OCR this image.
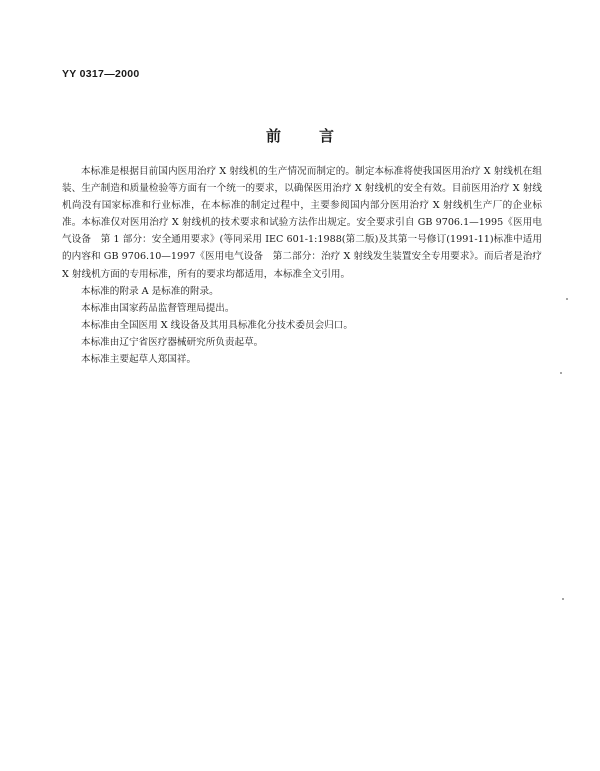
YY 0317—2000
前言

本标准是根据目前国内医用治疗 X 射线机的生产情况而制定的。制定本标准将使我国医用治疗 X 射线机在组装、生产制造和质量检验等方面有一个统一的要求，以确保医用治疗 X 射线机的安全有效。目前医用治疗 X 射线机尚没有国家标准和行业标准，在本标准的制定过程中，主要参阅国内部分医用治疗 X 射线机生产厂的企业标准。本标准仅对医用治疗 X 射线机的技术要求和试验方法作出规定。安全要求引自 GB 9706.1—1995《医用电气设备　第 1 部分：安全通用要求》(等同采用 IEC 601-1:1988(第二版)及其第一号修订(1991-11)标准中适用的内容和 GB 9706.10—1997《医用电气设备　第二部分：治疗 X 射线发生装置安全专用要求》。而后者是治疗 X 射线机方面的专用标准，所有的要求均都适用，本标准全文引用。

本标准的附录 A 是标准的附录。

本标准由国家药品监督管理局提出。

本标准由全国医用 X 线设备及其用具标准化分技术委员会归口。

本标准由辽宁省医疗器械研究所负责起草。

本标准主要起草人郑国祥。
